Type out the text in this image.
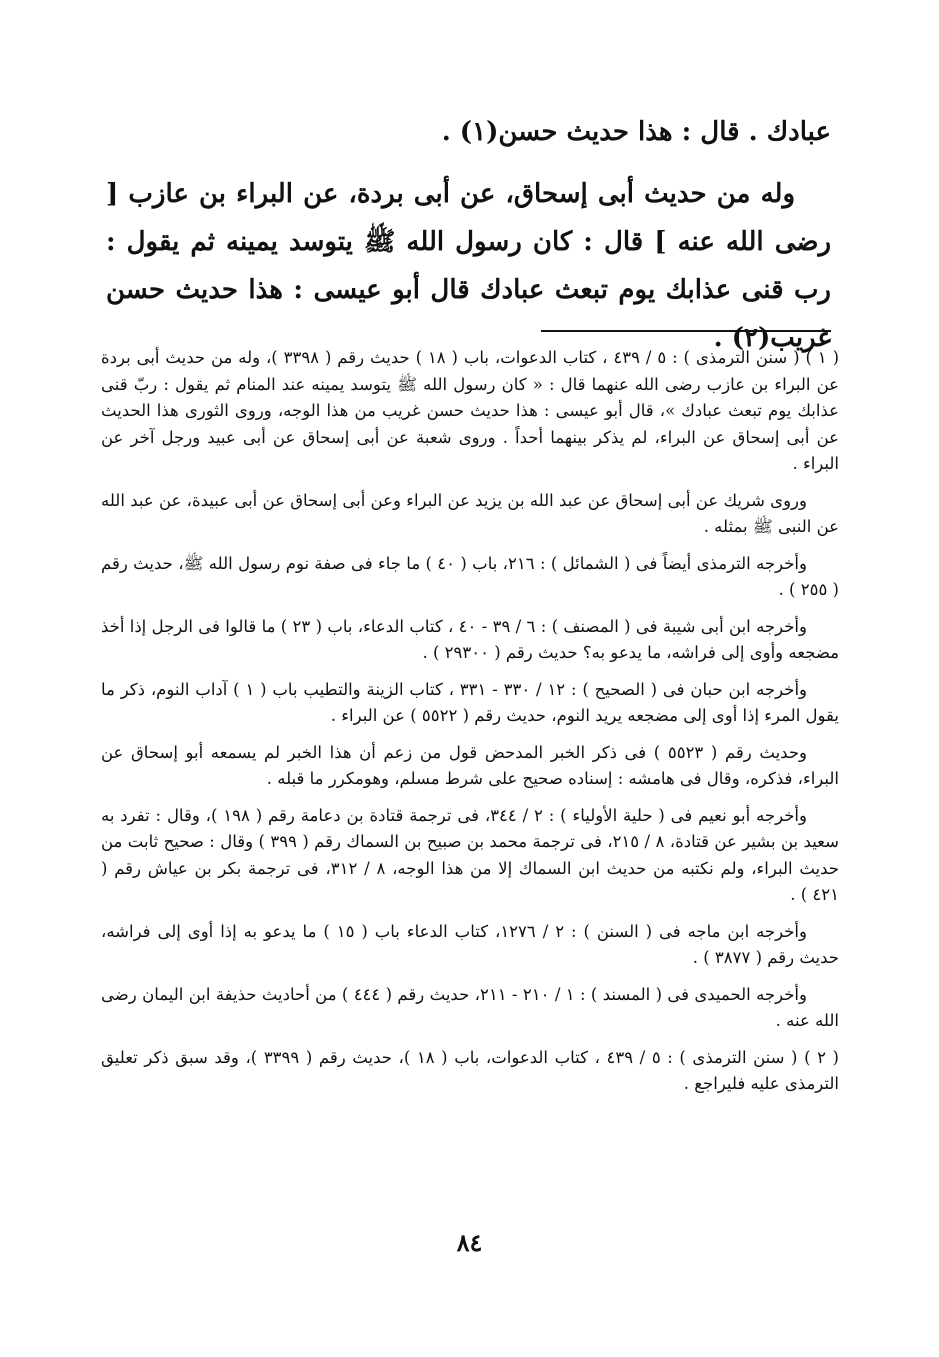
عبادك . قال : هذا حديث حسن(١) .

وله من حديث أبى إسحاق، عن أبى بردة، عن البراء بن عازب [ رضى الله عنه ] قال : كان رسول الله ﷺ يتوسد يمينه ثم يقول : رب قنى عذابك يوم تبعث عبادك قال أبو عيسى : هذا حديث حسن غريب(٢) .

( ١ ) ( سنن الترمذى ) : ٥ / ٤٣٩ ، كتاب الدعوات، باب ( ١٨ ) حديث رقم ( ٣٣٩٨ )، وله من حديث أبى بردة عن البراء بن عازب رضى الله عنهما قال : « كان رسول الله ﷺ يتوسد يمينه عند المنام ثم يقول : ربّ قنى عذابك يوم تبعث عبادك »، قال أبو عيسى : هذا حديث حسن غريب من هذا الوجه، وروى الثورى هذا الحديث عن أبى إسحاق عن البراء، لم يذكر بينهما أحداً . وروى شعبة عن أبى إسحاق عن أبى عبيد ورجل آخر عن البراء .

وروى شريك عن أبى إسحاق عن عبد الله بن يزيد عن البراء وعن أبى إسحاق عن أبى عبيدة، عن عبد الله عن النبى ﷺ بمثله .

وأخرجه الترمذى أيضاً فى ( الشمائل ) : ٢١٦، باب ( ٤٠ ) ما جاء فى صفة نوم رسول الله ﷺ، حديث رقم ( ٢٥٥ ) .

وأخرجه ابن أبى شيبة فى ( المصنف ) : ٦ / ٣٩ - ٤٠ ، كتاب الدعاء، باب ( ٢٣ ) ما قالوا فى الرجل إذا أخذ مضجعه وأوى إلى فراشه، ما يدعو به؟ حديث رقم ( ٢٩٣٠٠ ) .

وأخرجه ابن حبان فى ( الصحيح ) : ١٢ / ٣٣٠ - ٣٣١ ، كتاب الزينة والتطيب باب ( ١ ) آداب النوم، ذكر ما يقول المرء إذا أوى إلى مضجعه يريد النوم، حديث رقم ( ٥٥٢٢ ) عن البراء .

وحديث رقم ( ٥٥٢٣ ) فى ذكر الخبر المدحض قول من زعم أن هذا الخبر لم يسمعه أبو إسحاق عن البراء، فذكره، وقال فى هامشه : إسناده صحيح على شرط مسلم، وهومكرر ما قبله .

وأخرجه أبو نعيم فى ( حلية الأولياء ) : ٢ / ٣٤٤، فى ترجمة قتادة بن دعامة رقم ( ١٩٨ )، وقال : تفرد به سعيد بن بشير عن قتادة، ٨ / ٢١٥، فى ترجمة محمد بن صبيح بن السماك رقم ( ٣٩٩ ) وقال : صحيح ثابت من حديث البراء، ولم نكتبه من حديث ابن السماك إلا من هذا الوجه، ٨ / ٣١٢، فى ترجمة بكر بن عياش رقم ( ٤٢١ ) .

وأخرجه ابن ماجه فى ( السنن ) : ٢ / ١٢٧٦، كتاب الدعاء باب ( ١٥ ) ما يدعو به إذا أوى إلى فراشه، حديث رقم ( ٣٨٧٧ ) .

وأخرجه الحميدى فى ( المسند ) : ١ / ٢١٠ - ٢١١، حديث رقم ( ٤٤٤ ) من أحاديث حذيفة ابن اليمان رضى الله عنه .

( ٢ ) ( سنن الترمذى ) : ٥ / ٤٣٩ ، كتاب الدعوات، باب ( ١٨ )، حديث رقم ( ٣٣٩٩ )، وقد سبق ذكر تعليق الترمذى عليه فليراجع .

٨٤
